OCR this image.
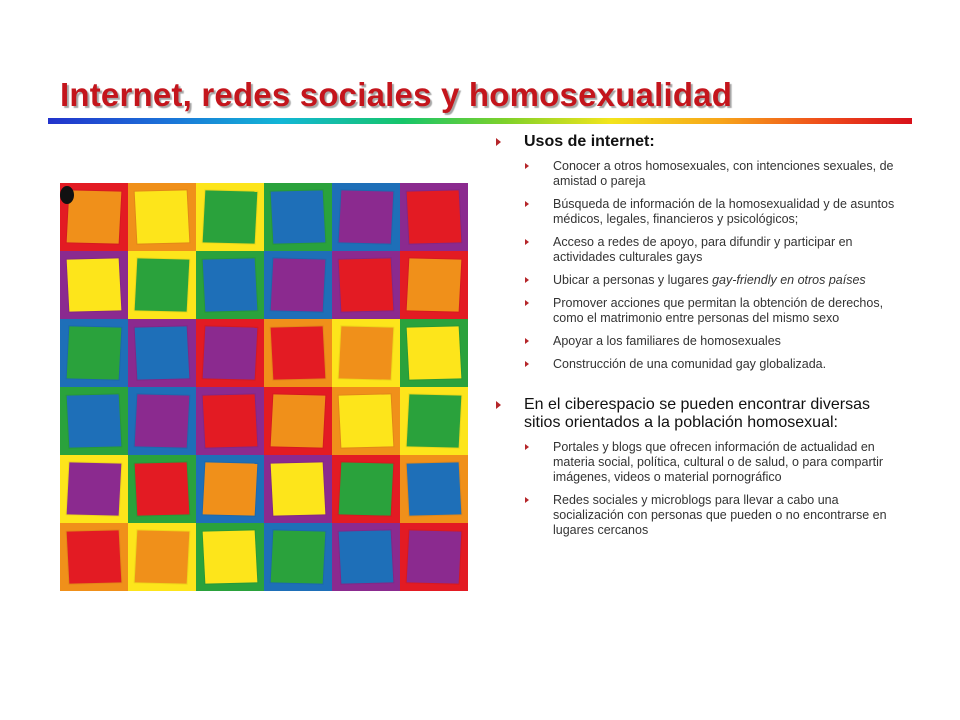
Internet, redes sociales y homosexualidad
Usos de internet:
Conocer a otros homosexuales, con intenciones sexuales, de amistad o pareja
Búsqueda de información de la homosexualidad y de asuntos médicos, legales, financieros y psicológicos;
Acceso a redes de apoyo, para difundir y participar en actividades culturales gays
Ubicar a personas y lugares gay-friendly en otros países
Promover acciones que permitan la obtención de derechos, como el matrimonio entre personas del mismo sexo
Apoyar a los familiares de homosexuales
Construcción de una comunidad gay globalizada.
En el ciberespacio se pueden encontrar diversas sitios orientados a la población homosexual:
Portales y blogs que ofrecen información de actualidad en materia social, política, cultural o de salud, o para compartir imágenes, videos o material pornográfico
Redes sociales y microblogs para llevar a cabo una socialización con personas que pueden o no encontrarse en lugares cercanos
